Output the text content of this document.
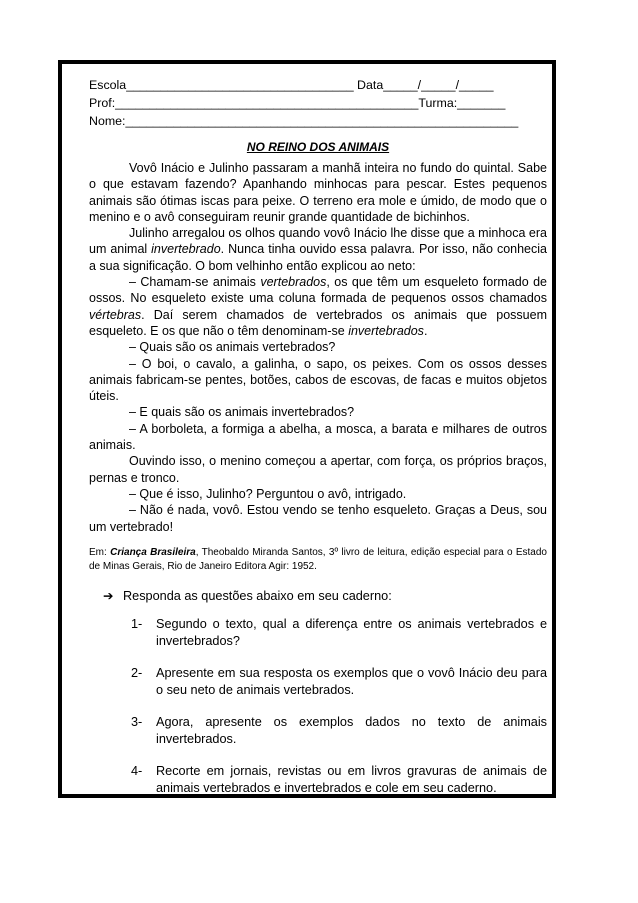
Escola_________________________________ Data_____/_____/_____
Prof:____________________________________________Turma:_______
Nome:_________________________________________________________
NO REINO DOS ANIMAIS

Vovô Inácio e Julinho passaram a manhã inteira no fundo do quintal. Sabe o que estavam fazendo? Apanhando minhocas para pescar. Estes pequenos animais são ótimas iscas para peixe. O terreno era mole e úmido, de modo que o menino e o avô conseguiram reunir grande quantidade de bichinhos.

Julinho arregalou os olhos quando vovô Inácio lhe disse que a minhoca era um animal invertebrado. Nunca tinha ouvido essa palavra. Por isso, não conhecia a sua significação. O bom velhinho então explicou ao neto:

– Chamam-se animais vertebrados, os que têm um esqueleto formado de ossos. No esqueleto existe uma coluna formada de pequenos ossos chamados vértebras. Daí serem chamados de vertebrados os animais que possuem esqueleto. E os que não o têm denominam-se invertebrados.

– Quais são os animais vertebrados?

– O boi, o cavalo, a galinha, o sapo, os peixes. Com os ossos desses animais fabricam-se pentes, botões, cabos de escovas, de facas e muitos objetos úteis.

– E quais são os animais invertebrados?

– A borboleta, a formiga a abelha, a mosca, a barata e milhares de outros animais.

Ouvindo isso, o menino começou a apertar, com força, os próprios braços, pernas e tronco.

– Que é isso, Julinho? Perguntou o avô, intrigado.

– Não é nada, vovô. Estou vendo se tenho esqueleto. Graças a Deus, sou um vertebrado!

Em: Criança Brasileira, Theobaldo Miranda Santos, 3º livro de leitura, edição especial para o Estado de Minas Gerais, Rio de Janeiro Editora Agir: 1952.
➔ Responda as questões abaixo em seu caderno:
1- Segundo o texto, qual a diferença entre os animais vertebrados e invertebrados?
2- Apresente em sua resposta os exemplos que o vovô Inácio deu para o seu neto de animais vertebrados.
3- Agora, apresente os exemplos dados no texto de animais invertebrados.
4- Recorte em jornais, revistas ou em livros gravuras de animais de animais vertebrados e invertebrados e cole em seu caderno.
